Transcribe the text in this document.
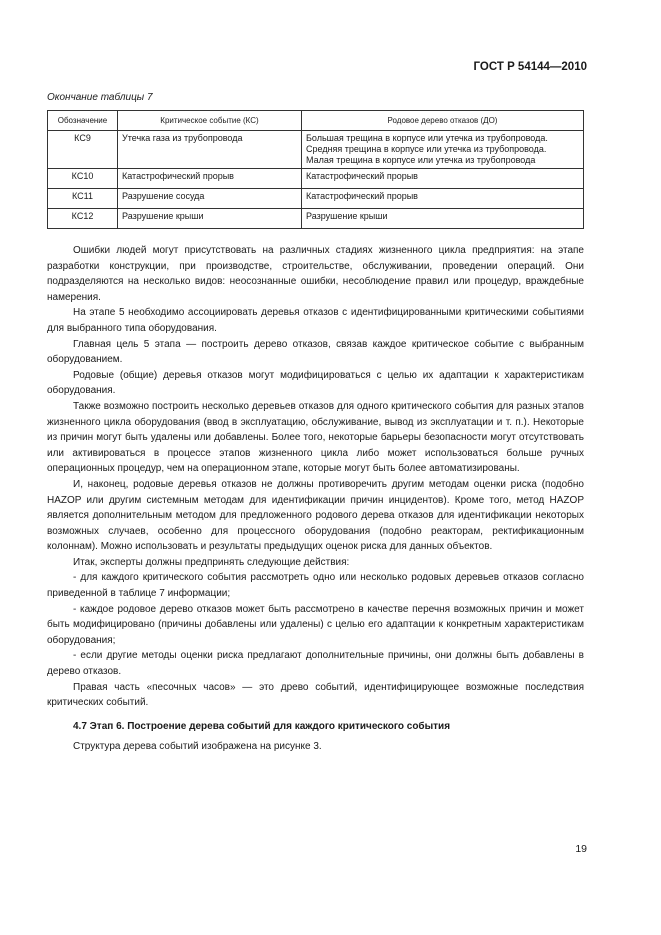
ГОСТ Р 54144—2010
Окончание таблицы 7
Обозначение	Критическое событие (КС)	Родовое дерево отказов (ДО)
КС9	Утечка газа из трубопровода	Большая трещина в корпусе или утечка из трубопровода.
Средняя трещина в корпусе или утечка из трубопровода.
Малая трещина в корпусе или утечка из трубопровода

КС10	Катастрофический прорыв	Катастрофический прорыв

КС11	Разрушение сосуда	Катастрофический прорыв

КС12	Разрушение крыши	Разрушение крыши

Ошибки людей могут присутствовать на различных стадиях жизненного цикла предприятия: на этапе разработки конструкции, при производстве, строительстве, обслуживании, проведении операций. Они подразделяются на несколько видов: неосознанные ошибки, несоблюдение правил или процедур, враждебные намерения.

На этапе 5 необходимо ассоциировать деревья отказов с идентифицированными критическими событиями для выбранного типа оборудования.

Главная цель 5 этапа — построить дерево отказов, связав каждое критическое событие с выбранным оборудованием.

Родовые (общие) деревья отказов могут модифицироваться с целью их адаптации к характеристикам оборудования.

Также возможно построить несколько деревьев отказов для одного критического события для разных этапов жизненного цикла оборудования (ввод в эксплуатацию, обслуживание, вывод из эксплуатации и т. п.). Некоторые из причин могут быть удалены или добавлены. Более того, некоторые барьеры безопасности могут отсутствовать или активироваться в процессе этапов жизненного цикла либо может использоваться больше ручных операционных процедур, чем на операционном этапе, которые могут быть более автоматизированы.

И, наконец, родовые деревья отказов не должны противоречить другим методам оценки риска (подобно HAZOP или другим системным методам для идентификации причин инцидентов). Кроме того, метод HAZOP является дополнительным методом для предложенного родового дерева отказов для идентификации некоторых возможных случаев, особенно для процессного оборудования (подобно реакторам, ректификационным колоннам). Можно использовать и результаты предыдущих оценок риска для данных объектов.

Итак, эксперты должны предпринять следующие действия:

- для каждого критического события рассмотреть одно или несколько родовых деревьев отказов согласно приведенной в таблице 7 информации;

- каждое родовое дерево отказов может быть рассмотрено в качестве перечня возможных причин и может быть модифицировано (причины добавлены или удалены) с целью его адаптации к конкретным характеристикам оборудования;

- если другие методы оценки риска предлагают дополнительные причины, они должны быть добавлены в дерево отказов.

Правая часть «песочных часов» — это древо событий, идентифицирующее возможные последствия критических событий.

4.7 Этап 6. Построение дерева событий для каждого критического события

Структура дерева событий изображена на рисунке 3.

19
